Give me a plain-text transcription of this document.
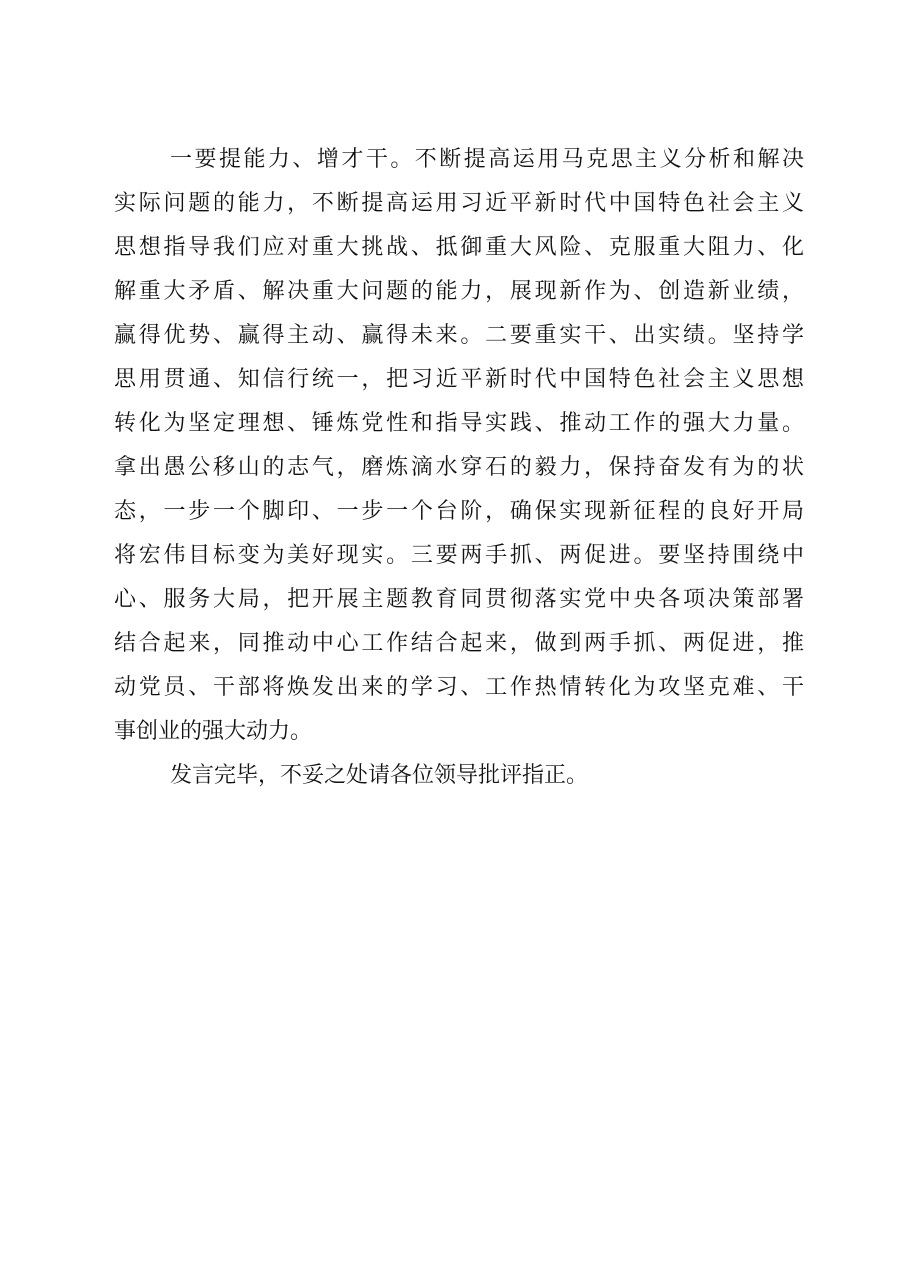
一要提能力、增才干。不断提高运用马克思主义分析和解决
实际问题的能力，不断提高运用习近平新时代中国特色社会主义
思想指导我们应对重大挑战、抵御重大风险、克服重大阻力、化
解重大矛盾、解决重大问题的能力，展现新作为、创造新业绩，
赢得优势、赢得主动、赢得未来。二要重实干、出实绩。坚持学
思用贯通、知信行统一，把习近平新时代中国特色社会主义思想
转化为坚定理想、锤炼党性和指导实践、推动工作的强大力量。
拿出愚公移山的志气，磨炼滴水穿石的毅力，保持奋发有为的状
态，一步一个脚印、一步一个台阶，确保实现新征程的良好开局
将宏伟目标变为美好现实。三要两手抓、两促进。要坚持围绕中
心、服务大局，把开展主题教育同贯彻落实党中央各项决策部署
结合起来，同推动中心工作结合起来，做到两手抓、两促进，推
动党员、干部将焕发出来的学习、工作热情转化为攻坚克难、干
事创业的强大动力。
发言完毕，不妥之处请各位领导批评指正。
